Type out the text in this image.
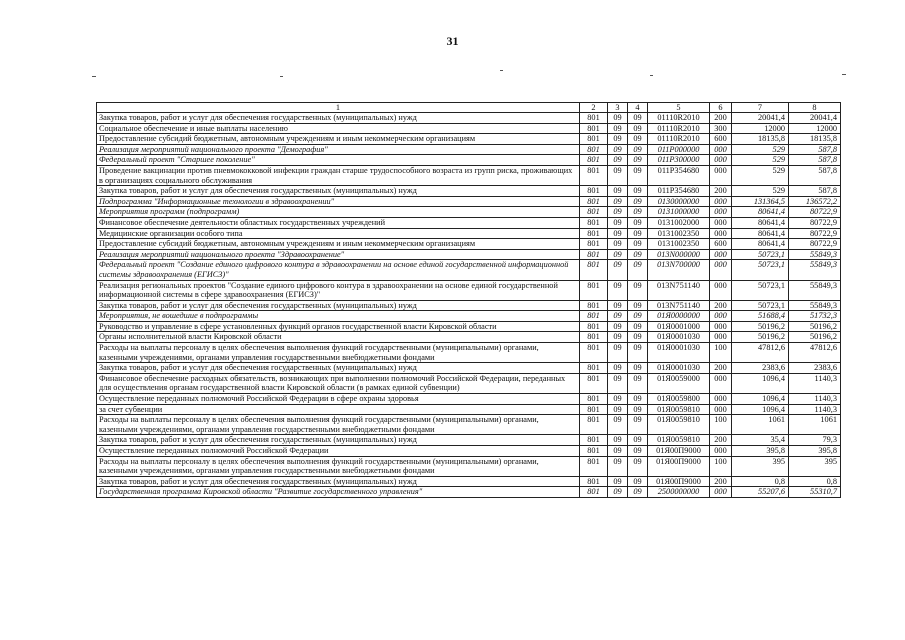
31
1	2	3	4	5	6	7	8
Закупка товаров, работ и услуг для обеспечения государственных (муниципальных) нужд	801	09	09	01110R2010	200	20041,4	20041,4
Социальное обеспечение и иные выплаты населению	801	09	09	01110R2010	300	12000	12000
Предоставление субсидий бюджетным, автономным учреждениям и иным некоммерческим организациям	801	09	09	01110R2010	600	18135,8	18135,8
Реализация мероприятий национального проекта "Демография"	801	09	09	011P000000	000	529	587,8
Федеральный проект "Старшее поколение"	801	09	09	011P300000	000	529	587,8
Проведение вакцинации против пневмококковой инфекции граждан старше трудоспособного возраста из групп риска, проживающих в организациях социального обслуживания	801	09	09	011P354680	000	529	587,8
Закупка товаров, работ и услуг для обеспечения государственных (муниципальных) нужд	801	09	09	011P354680	200	529	587,8
Подпрограмма "Информационные технологии в здравоохранении"	801	09	09	0130000000	000	131364,5	136572,2
Мероприятия программ (подпрограмм)	801	09	09	0131000000	000	80641,4	80722,9
Финансовое обеспечение деятельности областных государственных учреждений	801	09	09	0131002000	000	80641,4	80722,9
Медицинские организации особого типа	801	09	09	0131002350	000	80641,4	80722,9
Предоставление субсидий бюджетным, автономным учреждениям и иным некоммерческим организациям	801	09	09	0131002350	600	80641,4	80722,9
Реализация мероприятий национального проекта "Здравоохранение"	801	09	09	013N000000	000	50723,1	55849,3
Федеральный проект "Создание единого цифрового контура в здравоохранении на основе единой государственной информационной системы здравоохранения (ЕГИСЗ)"	801	09	09	013N700000	000	50723,1	55849,3
Реализация региональных проектов "Создание единого цифрового контура в здравоохранении на основе единой государственной информационной системы в сфере здравоохранения (ЕГИСЗ)"	801	09	09	013N751140	000	50723,1	55849,3
Закупка товаров, работ и услуг для обеспечения государственных (муниципальных) нужд	801	09	09	013N751140	200	50723,1	55849,3
Мероприятия, не вошедшие в подпрограммы	801	09	09	01Я0000000	000	51688,4	51732,3
Руководство и управление в сфере установленных функций органов государственной власти Кировской области	801	09	09	01Я0001000	000	50196,2	50196,2
Органы исполнительной власти Кировской области	801	09	09	01Я0001030	000	50196,2	50196,2
Расходы на выплаты персоналу в целях обеспечения выполнения функций государственными (муниципальными) органами, казенными учреждениями, органами управления государственными внебюджетными фондами	801	09	09	01Я0001030	100	47812,6	47812,6
Закупка товаров, работ и услуг для обеспечения государственных (муниципальных) нужд	801	09	09	01Я0001030	200	2383,6	2383,6
Финансовое обеспечение расходных обязательств, возникающих при выполнении полномочий Российской Федерации, переданных для осуществления органам государственной власти Кировской области (в рамках единой субвенции)	801	09	09	01Я0059000	000	1096,4	1140,3
Осуществление переданных полномочий Российской Федерации в сфере охраны здоровья	801	09	09	01Я0059800	000	1096,4	1140,3
за счет субвенции	801	09	09	01Я0059810	000	1096,4	1140,3
Расходы на выплаты персоналу в целях обеспечения выполнения функций государственными (муниципальными) органами, казенными учреждениями, органами управления государственными внебюджетными фондами	801	09	09	01Я0059810	100	1061	1061
Закупка товаров, работ и услуг для обеспечения государственных (муниципальных) нужд	801	09	09	01Я0059810	200	35,4	79,3
Осуществление переданных полномочий Российской Федерации	801	09	09	01Я00П9000	000	395,8	395,8
Расходы на выплаты персоналу в целях обеспечения выполнения функций государственными (муниципальными) органами, казенными учреждениями, органами управления государственными внебюджетными фондами	801	09	09	01Я00П9000	100	395	395
Закупка товаров, работ и услуг для обеспечения государственных (муниципальных) нужд	801	09	09	01Я00П9000	200	0,8	0,8
Государственная программа Кировской области "Развитие государственного управления"	801	09	09	2500000000	000	55207,6	55310,7
